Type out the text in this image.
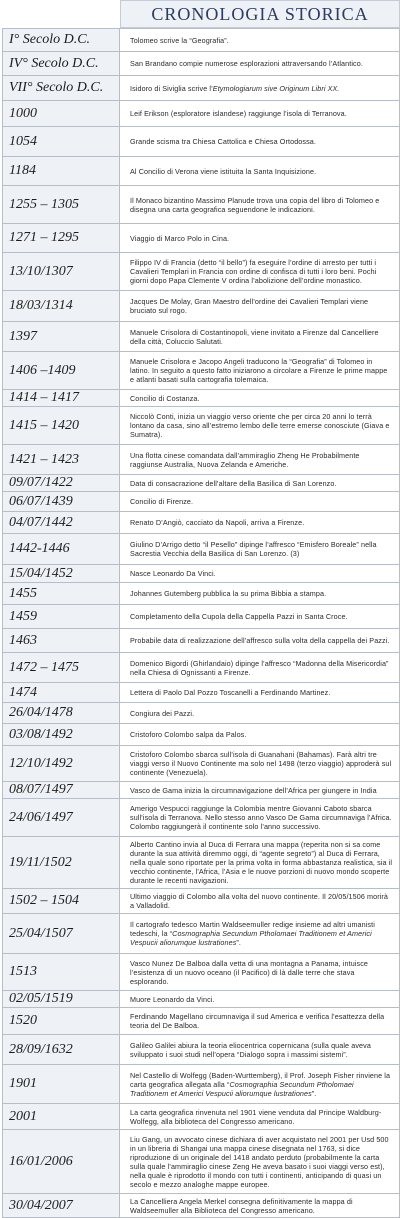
CRONOLOGIA STORICA
I° Secolo D.C.	Tolomeo scrive la “Geografia”.
IV° Secolo D.C.	San Brandano compie numerose esplorazioni attraversando l’Atlantico.
VII° Secolo D.C.	Isidoro di Siviglia scrive l’Etymologiarum sive Originum Libri XX.
1000	Leif Erikson (esploratore islandese) raggiunge l’isola di Terranova.
1054	Grande scisma tra Chiesa Cattolica e Chiesa Ortodossa.
1184	Al Concilio di Verona viene istituita la Santa Inquisizione.
1255 – 1305	Il Monaco bizantino Massimo Planude trova una copia del libro di Tolomeo e disegna una carta geografica seguendone le indicazioni.
1271 – 1295	Viaggio di Marco Polo in Cina.
13/10/1307	Filippo IV di Francia (detto “il bello”) fa eseguire l’ordine di arresto per tutti i Cavalieri Templari in Francia con ordine di confisca di tutti i loro beni. Pochi giorni dopo Papa Clemente V ordina l’abolizione dell’ordine monastico.
18/03/1314	Jacques De Molay, Gran Maestro dell’ordine dei Cavalieri Templari viene bruciato sul rogo.
1397	Manuele Crisolora di Costantinopoli, viene invitato a Firenze dal Cancelliere della città, Coluccio Salutati.
1406 –1409	Manuele Crisolora e Jacopo Angeli traducono la “Geografia” di Tolomeo in latino. In seguito a questo fatto iniziarono a circolare a Firenze le prime mappe e atlanti basati sulla cartografia tolemaica.
1414 – 1417	Concilio di Costanza.
1415 – 1420	Niccolò Conti, inizia un viaggio verso oriente che per circa 20 anni lo terrà lontano da casa, sino all’estremo lembo delle terre emerse conosciute (Giava e Sumatra).
1421 – 1423	Una flotta cinese comandata dall’ammiraglio Zheng He Probabilmente raggiunse Australia, Nuova Zelanda e Americhe.
09/07/1422	Data di consacrazione dell’altare della Basilica di San Lorenzo.
06/07/1439	Concilio di Firenze.
04/07/1442	Renato D’Angiò, cacciato da Napoli, arriva a Firenze.
1442-1446	Giulino D’Arrigo detto “il Pesello” dipinge l’affresco “Emisfero Boreale” nella Sacrestia Vecchia della Basilica di San Lorenzo. (3)
15/04/1452	Nasce Leonardo Da Vinci.
1455	Johannes Gutemberg pubblica la su prima Bibbia a stampa.
1459	Completamento della Cupola della Cappella Pazzi in Santa Croce.
1463	Probabile data di realizzazione dell’affresco sulla volta della cappella dei Pazzi.
1472 – 1475	Domenico Bigordi (Ghirlandaio) dipinge l’affresco “Madonna della Misericordia” nella Chiesa di Ognissanti a Firenze.
1474	Lettera di Paolo Dal Pozzo Toscanelli a Ferdinando Martinez.
26/04/1478	Congiura dei Pazzi.
03/08/1492	Cristoforo Colombo salpa da Palos.
12/10/1492	Cristoforo Colombo sbarca sull’isola di Guanahani (Bahamas). Farà altri tre viaggi verso il Nuovo Continente ma solo nel 1498 (terzo viaggio) approderà sul continente (Venezuela).
08/07/1497	Vasco de Gama inizia la circumnavigazione dell’Africa per giungere in India
24/06/1497	Amerigo Vespucci raggiunge la Colombia mentre Giovanni Caboto sbarca sull’isola di Terranova. Nello stesso anno Vasco De Gama circumnaviga l’Africa. Colombo raggiungerà il continente solo l’anno successivo.
19/11/1502	Alberto Cantino invia al Duca di Ferrara una mappa (reperita non si sa come durante la sua attività diremmo oggi, di “agente segreto”) al Duca di Ferrara, nella quale sono riportate per la prima volta in forma abbastanza realistica, sia il vecchio continente, l’Africa, l’Asia e le nuove porzioni di nuovo mondo scoperte durante le recenti navigazioni.
1502 – 1504	Ultimo viaggio di Colombo alla volta del nuovo continente. Il 20/05/1506 morirà a Valladolid.
25/04/1507	Il cartografo tedesco Martin Waldseemuller redige insieme ad altri umanisti tedeschi, la “Cosmographia Secundum Ptholomaei Traditionem et Americi Vespucii aliorumque lustrationes”.
1513	Vasco Nunez De Balboa dalla vetta di una montagna a Panama, intuisce l’esistenza di un nuovo oceano (il Pacifico) di là dalle terre che stava esplorando.
02/05/1519	Muore Leonardo da Vinci.
1520	Ferdinando Magellano circumnaviga il sud America e verifica l’esattezza della teoria del De Balboa.
28/09/1632	Galileo Galilei abiura la teoria eliocentrica copernicana (sulla quale aveva sviluppato i suoi studi nell’opera “Dialogo sopra i massimi sistemi”.
1901	Nel Castello di Wolfegg (Baden-Wurttemberg), il Prof. Joseph Fisher rinviene la carta geografica allegata alla “Cosmographia Secundum Ptholomaei Traditionem et Americi Vespucii aliorumque lustrationes”.
2001	La carta geografica rinvenuta nel 1901 viene venduta dal Principe Waldburg-Wolfegg, alla biblioteca del Congresso americano.
16/01/2006	Liu Gang, un avvocato cinese dichiara di aver acquistato nel 2001 per Usd 500 in un libreria di Shangai una mappa cinese disegnata nel 1763, si dice riproduzione di un originale del 1418 andato perduto (probabilmente la carta sulla quale l’ammiraglio cinese Zeng He aveva basato i suoi viaggi verso est), nella quale è riprodotto il mondo con tutti i continenti, anticipando di quasi un secolo e mezzo analoghe mappe europee.
30/04/2007	La Cancelliera Angela Merkel consegna definitivamente la mappa di Waldseemuller alla Biblioteca del Congresso americano.
